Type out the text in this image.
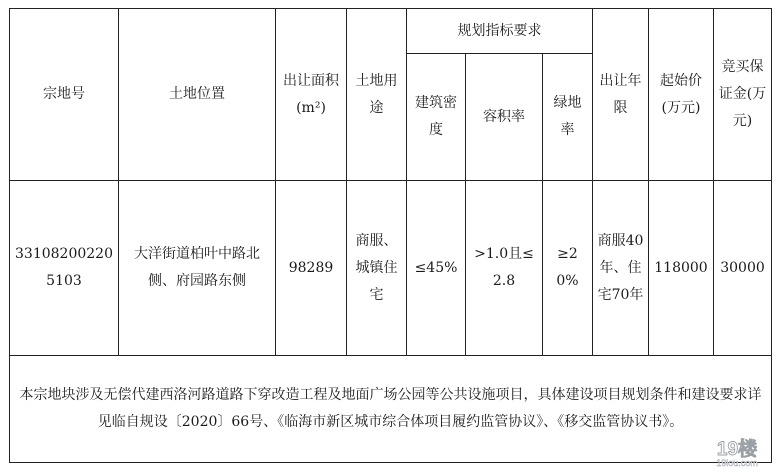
宗地号	土地位置	出让面积(m²)	土地用途	规划指标要求			出让年限	起始价(万元)	竞买保证金(万元)
				建筑密度	容积率	绿地率			
331082002205103	大洋街道柏叶中路北侧、府园路东侧	98289	商服、城镇住宅	≤45%	>1.0且≤2.8	≥20%	商服40年、住宅70年	118000	30000
本宗地块涉及无偿代建西洛河路道路下穿改造工程及地面广场公园等公共设施项目，具体建设项目规划条件和建设要求详见临自规设〔2020〕66号、《临海市新区城市综合体项目履约监管协议》、《移交监管协议书》。									
19楼
19lou.com
